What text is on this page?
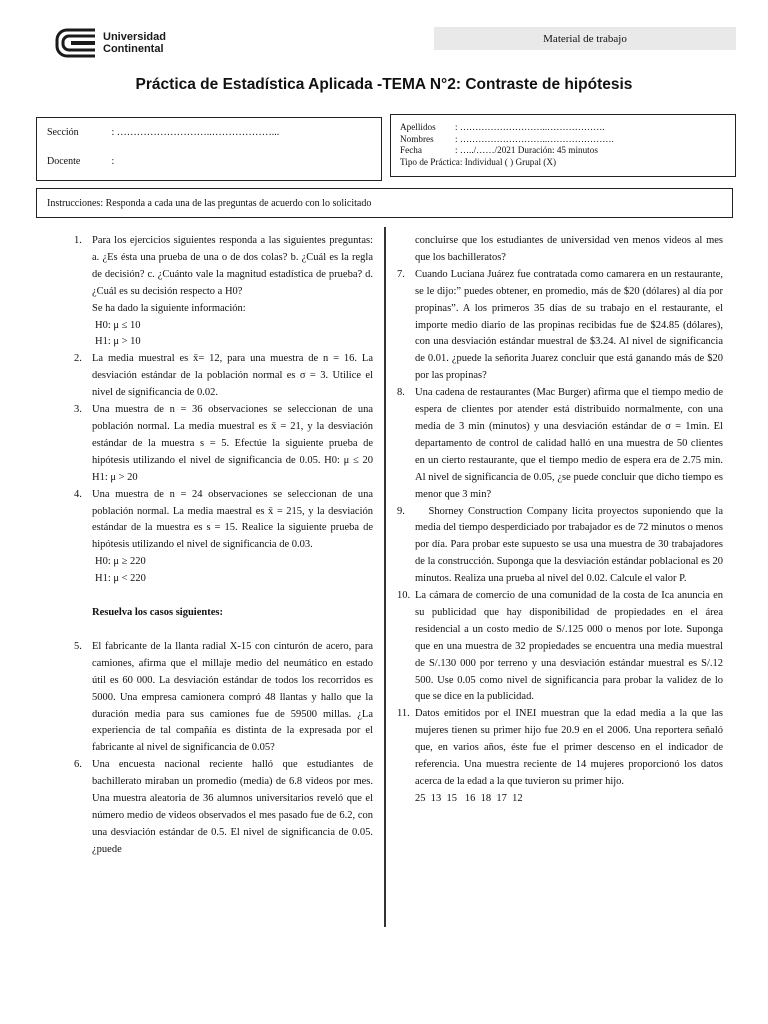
Universidad
Continental
Material de trabajo
Práctica de Estadística Aplicada -TEMA N°2: Contraste de hipótesis
Sección	: ………………………..………………...
Docente	:
Apellidos : ………………………..……………….
Nombres : ………………………..………………….
Fecha	: …../……/2021 Duración: 45 minutos
Tipo de Práctica: Individual ( ) Grupal (X)
Instrucciones: Responda a cada una de las preguntas de acuerdo con lo solicitado
1. Para los ejercicios siguientes responda a las siguientes preguntas: a. ¿Es ésta una prueba de una o de dos colas? b. ¿Cuál es la regla de decisión? c. ¿Cuánto vale la magnitud estadística de prueba? d. ¿Cuál es su decisión respecto a H0?

Se ha dado la siguiente información:

H0: μ ≤ 10

H1: μ > 10

2. La media muestral es x̄= 12, para una muestra de n = 16. La desviación estándar de la población normal es σ = 3. Utilice el nivel de significancia de 0.02.

3. Una muestra de n = 36 observaciones se seleccionan de una población normal. La media muestral es x̄ = 21, y la desviación estándar de la muestra s = 5. Efectúe la siguiente prueba de hipótesis utilizando el nivel de significancia de 0.05. H0: μ ≤ 20 H1: μ > 20

4. Una muestra de n = 24 observaciones se seleccionan de una población normal. La media maestral es x̄ = 215, y la desviación estándar de la muestra es s = 15. Realice la siguiente prueba de hipótesis utilizando el nivel de significancia de 0.03.

H0: μ ≥ 220

H1: μ < 220

Resuelva los casos siguientes:

5. El fabricante de la llanta radial X-15 con cinturón de acero, para camiones, afirma que el millaje medio del neumático en estado útil es 60 000. La desviación estándar de todos los recorridos es 5000. Una empresa camionera compró 48 llantas y hallo que la duración media para sus camiones fue de 59500 millas. ¿La experiencia de tal compañía es distinta de la expresada por el fabricante al nivel de significancia de 0.05?

6. Una encuesta nacional reciente halló que estudiantes de bachillerato miraban un promedio (media) de 6.8 videos por mes. Una muestra aleatoria de 36 alumnos universitarios reveló que el número medio de videos observados el mes pasado fue de 6.2, con una desviación estándar de 0.5. El nivel de significancia de 0.05. ¿puede

concluirse que los estudiantes de universidad ven menos videos al mes que los bachilleratos?

7. Cuando Luciana Juárez fue contratada como camarera en un restaurante, se le dijo:” puedes obtener, en promedio, más de $20 (dólares) al día por propinas”. A los primeros 35 días de su trabajo en el restaurante, el importe medio diario de las propinas recibidas fue de $24.85 (dólares), con una desviación estándar muestral de $3.24. Al nivel de significancia de 0.01. ¿puede la señorita Juarez concluir que está ganando más de $20 por las propinas?

8. Una cadena de restaurantes (Mac Burger) afirma que el tiempo medio de espera de clientes por atender está distribuido normalmente, con una media de 3 min (minutos) y una desviación estándar de σ = 1min. El departamento de control de calidad halló en una muestra de 50 clientes en un cierto restaurante, que el tiempo medio de espera era de 2.75 min. Al nivel de significancia de 0.05, ¿se puede concluir que dicho tiempo es menor que 3 min?

9. Shorney Construction Company licita proyectos suponiendo que la media del tiempo desperdiciado por trabajador es de 72 minutos o menos por día. Para probar este supuesto se usa una muestra de 30 trabajadores de la construcción. Suponga que la desviación estándar poblacional es 20 minutos. Realiza una prueba al nivel del 0.02. Calcule el valor P.

10. La cámara de comercio de una comunidad de la costa de Ica anuncia en su publicidad que hay disponibilidad de propiedades en el área residencial a un costo medio de S/.125 000 o menos por lote. Suponga que en una muestra de 32 propiedades se encuentra una media muestral de S/.130 000 por terreno y una desviación estándar muestral es S/.12 500. Use 0.05 como nivel de significancia para probar la validez de lo que se dice en la publicidad.

11. Datos emitidos por el INEI muestran que la edad media a la que las mujeres tienen su primer hijo fue 20.9 en el 2006. Una reportera señaló que, en varios años, éste fue el primer descenso en el indicador de referencia. Una muestra reciente de 14 mujeres proporcionó los datos acerca de la edad a la que tuvieron su primer hijo.

25  13  15   16  18  17  12
